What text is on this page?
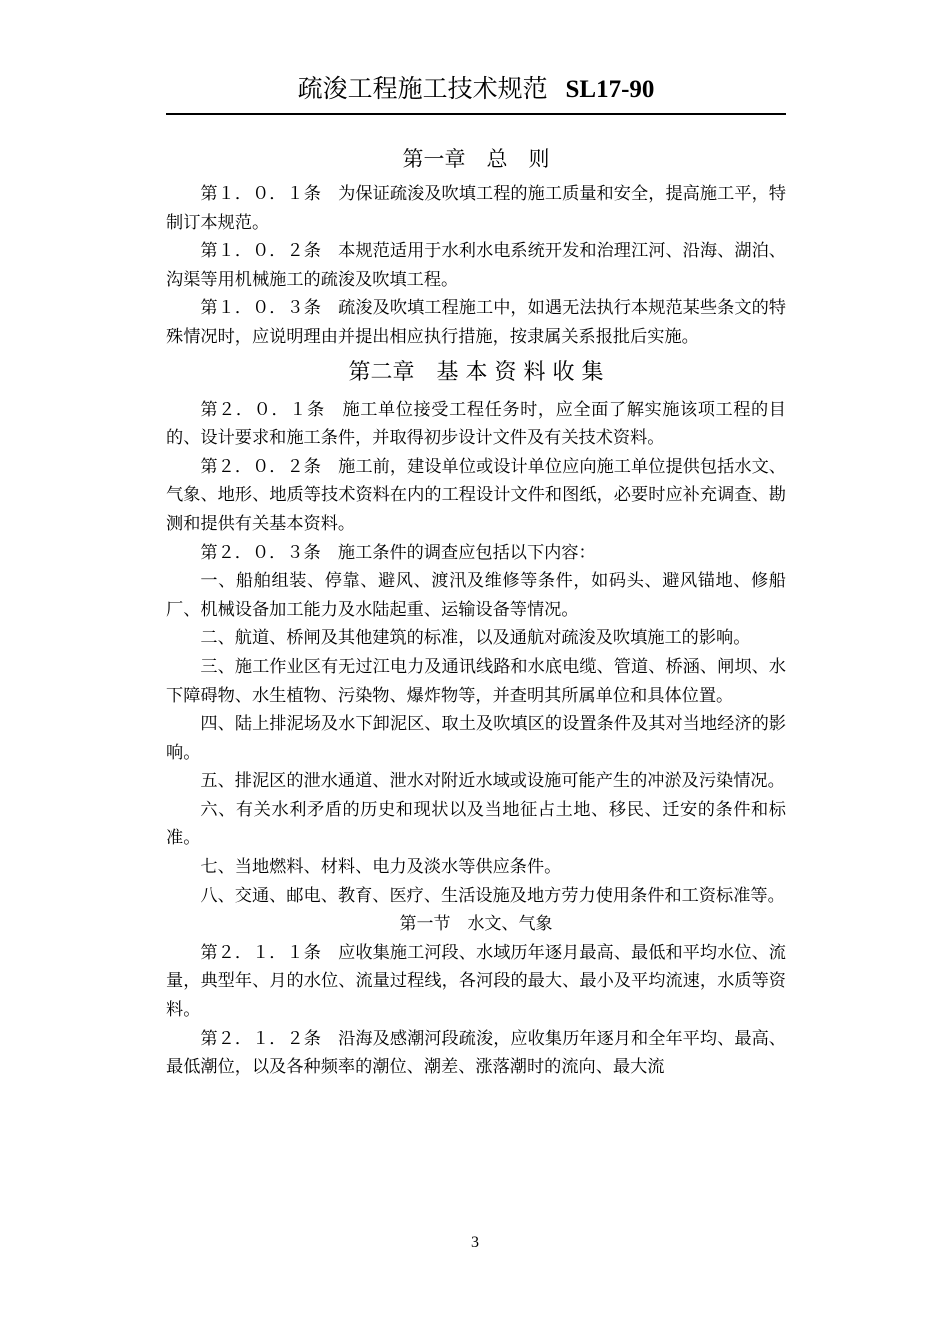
疏浚工程施工技术规范 SL17-90
第一章　总　则

第１．０．１条　为保证疏浚及吹填工程的施工质量和安全，提高施工平，特制订本规范。

第１．０．２条　本规范适用于水利水电系统开发和治理江河、沿海、湖泊、沟渠等用机械施工的疏浚及吹填工程。

第１．０．３条　疏浚及吹填工程施工中，如遇无法执行本规范某些条文的特殊情况时，应说明理由并提出相应执行措施，按隶属关系报批后实施。

第二章　基 本 资 料 收 集

第２．０．１条　施工单位接受工程任务时，应全面了解实施该项工程的目的、设计要求和施工条件，并取得初步设计文件及有关技术资料。

第２．０．２条　施工前，建设单位或设计单位应向施工单位提供包括水文、气象、地形、地质等技术资料在内的工程设计文件和图纸，必要时应补充调查、勘测和提供有关基本资料。

第２．０．３条　施工条件的调查应包括以下内容：

一、船舶组装、停靠、避风、渡汛及维修等条件，如码头、避风锚地、修船厂、机械设备加工能力及水陆起重、运输设备等情况。

二、航道、桥闸及其他建筑的标准，以及通航对疏浚及吹填施工的影响。

三、施工作业区有无过江电力及通讯线路和水底电缆、管道、桥涵、闸坝、水下障碍物、水生植物、污染物、爆炸物等，并查明其所属单位和具体位置。

四、陆上排泥场及水下卸泥区、取土及吹填区的设置条件及其对当地经济的影响。

五、排泥区的泄水通道、泄水对附近水域或设施可能产生的冲淤及污染情况。

六、有关水利矛盾的历史和现状以及当地征占土地、移民、迁安的条件和标准。

七、当地燃料、材料、电力及淡水等供应条件。

八、交通、邮电、教育、医疗、生活设施及地方劳力使用条件和工资标准等。

第一节　水文、气象

第２．１．１条　应收集施工河段、水域历年逐月最高、最低和平均水位、流量，典型年、月的水位、流量过程线，各河段的最大、最小及平均流速，水质等资料。

第２．１．２条　沿海及感潮河段疏浚，应收集历年逐月和全年平均、最高、最低潮位，以及各种频率的潮位、潮差、涨落潮时的流向、最大流

3
